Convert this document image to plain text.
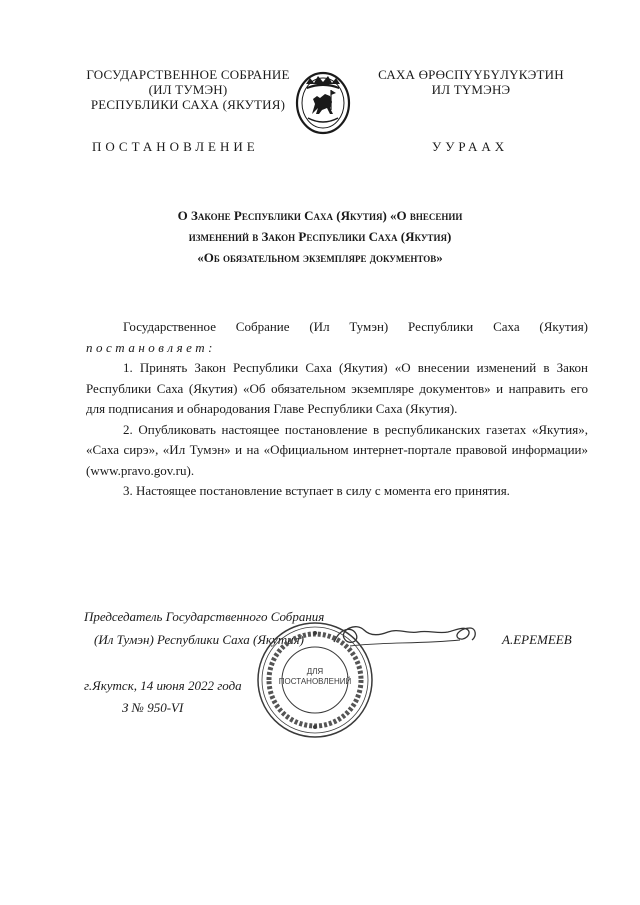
ГОСУДАРСТВЕННОЕ СОБРАНИЕ
(ИЛ ТУМЭН)
РЕСПУБЛИКИ САХА (ЯКУТИЯ)
САХА ӨРӨСПҮҮБҮЛҮКЭТИН
ИЛ ТҮМЭНЭ
ПОСТАНОВЛЕНИЕ	УУРААХ
О Законе Республики Саха (Якутия) «О внесении
изменений в Закон Республики Саха (Якутия)
«Об обязательном экземпляре документов»

Государственное Собрание (Ил Тумэн) Республики Саха (Якутия)

постановляет:

1. Принять Закон Республики Саха (Якутия) «О внесении изменений в Закон Республики Саха (Якутия) «Об обязательном экземпляре документов» и направить его для подписания и обнародования Главе Республики Саха (Якутия).

2. Опубликовать настоящее постановление в республиканских газетах «Якутия», «Саха сирэ», «Ил Тумэн» и на «Официальном интернет-портале правовой информации» (www.pravo.gov.ru).

3. Настоящее постановление вступает в силу с момента его принятия.

Председатель Государственного Собрания
(Ил Тумэн) Республики Саха (Якутия)	А.ЕРЕМЕЕВ
г.Якутск, 14 июня 2022 года
З № 950-VI
ДЛЯ
ПОСТАНОВЛЕНИЙ
